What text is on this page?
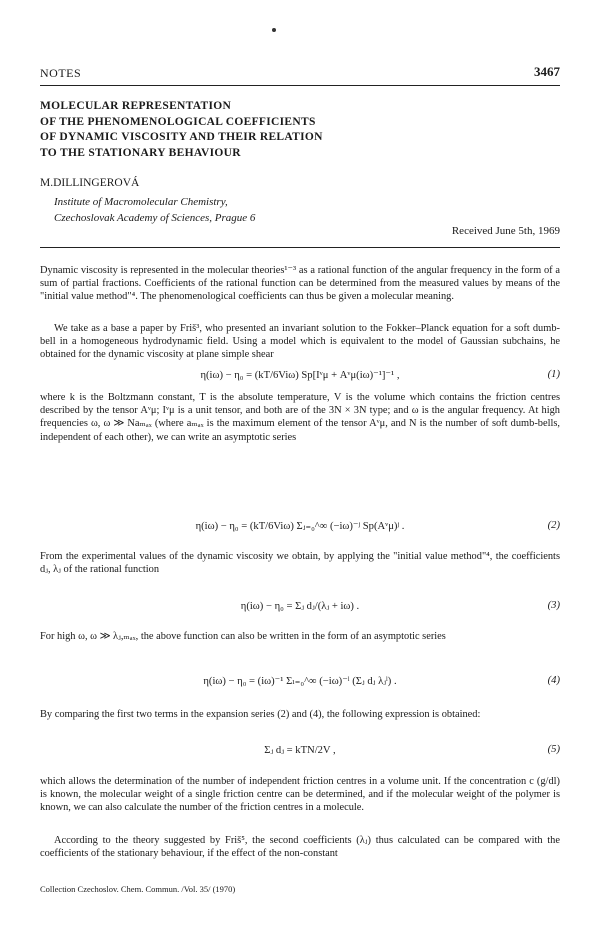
NOTES	3467
MOLECULAR REPRESENTATION
OF THE PHENOMENOLOGICAL COEFFICIENTS
OF DYNAMIC VISCOSITY AND THEIR RELATION
TO THE STATIONARY BEHAVIOUR
M.DILLINGEROVÁ
Institute of Macromolecular Chemistry,
Czechoslovak Academy of Sciences, Prague 6
Received June 5th, 1969
Dynamic viscosity is represented in the molecular theories¹⁻³ as a rational function of the angular frequency in the form of a sum of partial fractions. Coefficients of the rational function can be determined from the measured values by means of the "initial value method"⁴. The phenomenological coefficients can thus be given a molecular meaning.
We take as a base a paper by Friš³, who presented an invariant solution to the Fokker–Planck equation for a soft dumb-bell in a homogeneous hydrodynamic field. Using a model which is equivalent to the model of Gaussian subchains, he obtained for the dynamic viscosity at plane simple shear
η(iω) − η₀ = (kT/6Viω) Sp[Iᵛμ + Aᵛμ(iω)⁻¹]⁻¹ ,	(1)
where k is the Boltzmann constant, T is the absolute temperature, V is the volume which contains the friction centres described by the tensor Aᵛμ; Iᵛμ is a unit tensor, and both are of the 3N × 3N type; and ω is the angular frequency. At high frequencies ω, ω ≫ Naₘₐₓ (where aₘₐₓ is the maximum element of the tensor Aᵛμ, and N is the number of soft dumb-bells, independent of each other), we can write an asymptotic series
η(iω) − η₀ = (kT/6Viω) Σⱼ₌₀^∞ (−iω)⁻ʲ Sp(Aᵛμ)ʲ .	(2)
From the experimental values of the dynamic viscosity we obtain, by applying the "initial value method"⁴, the coefficients dⱼ, λⱼ of the rational function
η(iω) − η₀ = Σⱼ dⱼ/(λⱼ + iω) .	(3)
For high ω, ω ≫ λⱼ,ₘₐₓ, the above function can also be written in the form of an asymptotic series
η(iω) − η₀ = (iω)⁻¹ Σₗ₌₀^∞ (−iω)⁻ˡ (Σⱼ dⱼ λⱼˡ) .	(4)
By comparing the first two terms in the expansion series (2) and (4), the following expression is obtained:
Σⱼ dⱼ = kTN/2V ,	(5)
which allows the determination of the number of independent friction centres in a volume unit. If the concentration c (g/dl) is known, the molecular weight of a single friction centre can be determined, and if the molecular weight of the polymer is known, we can also calculate the number of the friction centres in a molecule.
According to the theory suggested by Friš⁵, the second coefficients (λⱼ) thus calculated can be compared with the coefficients of the stationary behaviour, if the effect of the non-constant
Collection Czechoslov. Chem. Commun. /Vol. 35/ (1970)
